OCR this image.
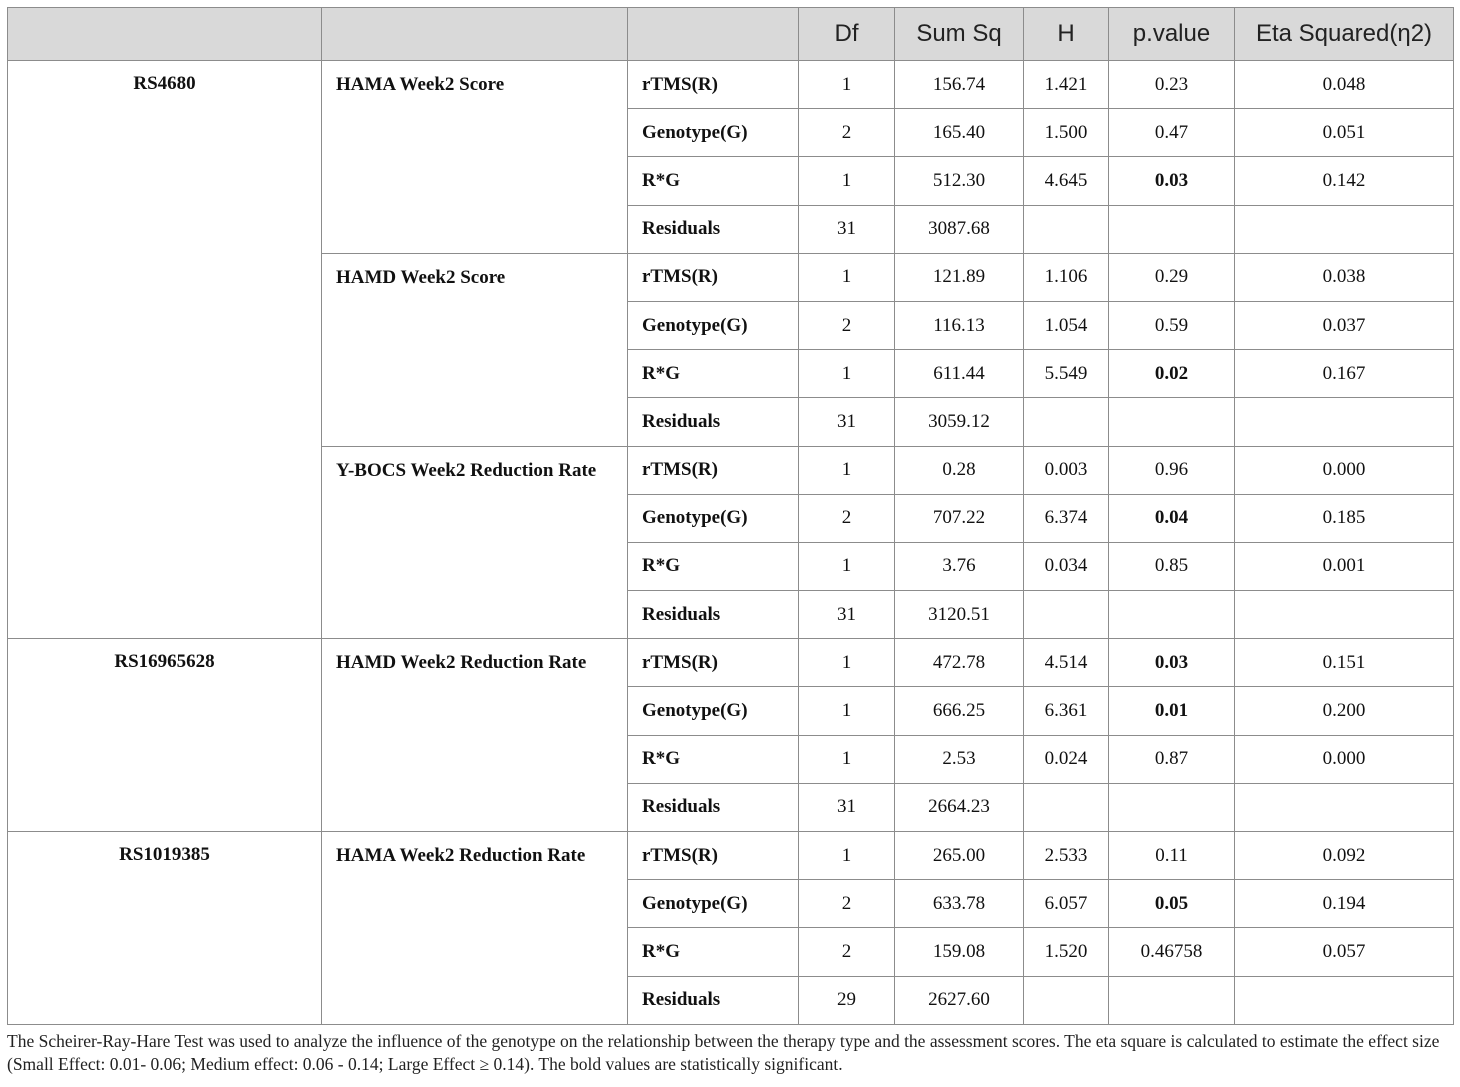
			Df	Sum Sq	H	p.value	Eta Squared(η2)
RS4680	HAMA Week2 Score	rTMS(R)	1	156.74	1.421	0.23	0.048
		Genotype(G)	2	165.40	1.500	0.47	0.051
		R*G	1	512.30	4.645	0.03	0.142
		Residuals	31	3087.68			
	HAMD Week2 Score	rTMS(R)	1	121.89	1.106	0.29	0.038
		Genotype(G)	2	116.13	1.054	0.59	0.037
		R*G	1	611.44	5.549	0.02	0.167
		Residuals	31	3059.12			
	Y-BOCS Week2 Reduction Rate	rTMS(R)	1	0.28	0.003	0.96	0.000
		Genotype(G)	2	707.22	6.374	0.04	0.185
		R*G	1	3.76	0.034	0.85	0.001
		Residuals	31	3120.51			
RS16965628	HAMD Week2 Reduction Rate	rTMS(R)	1	472.78	4.514	0.03	0.151
		Genotype(G)	1	666.25	6.361	0.01	0.200
		R*G	1	2.53	0.024	0.87	0.000
		Residuals	31	2664.23			
RS1019385	HAMA Week2 Reduction Rate	rTMS(R)	1	265.00	2.533	0.11	0.092
		Genotype(G)	2	633.78	6.057	0.05	0.194
		R*G	2	159.08	1.520	0.46758	0.057
		Residuals	29	2627.60			
The Scheirer-Ray-Hare Test was used to analyze the influence of the genotype on the relationship between the therapy type and the assessment scores. The eta square is calculated to estimate the effect size (Small Effect: 0.01- 0.06; Medium effect: 0.06 - 0.14; Large Effect ≥ 0.14). The bold values are statistically significant.
